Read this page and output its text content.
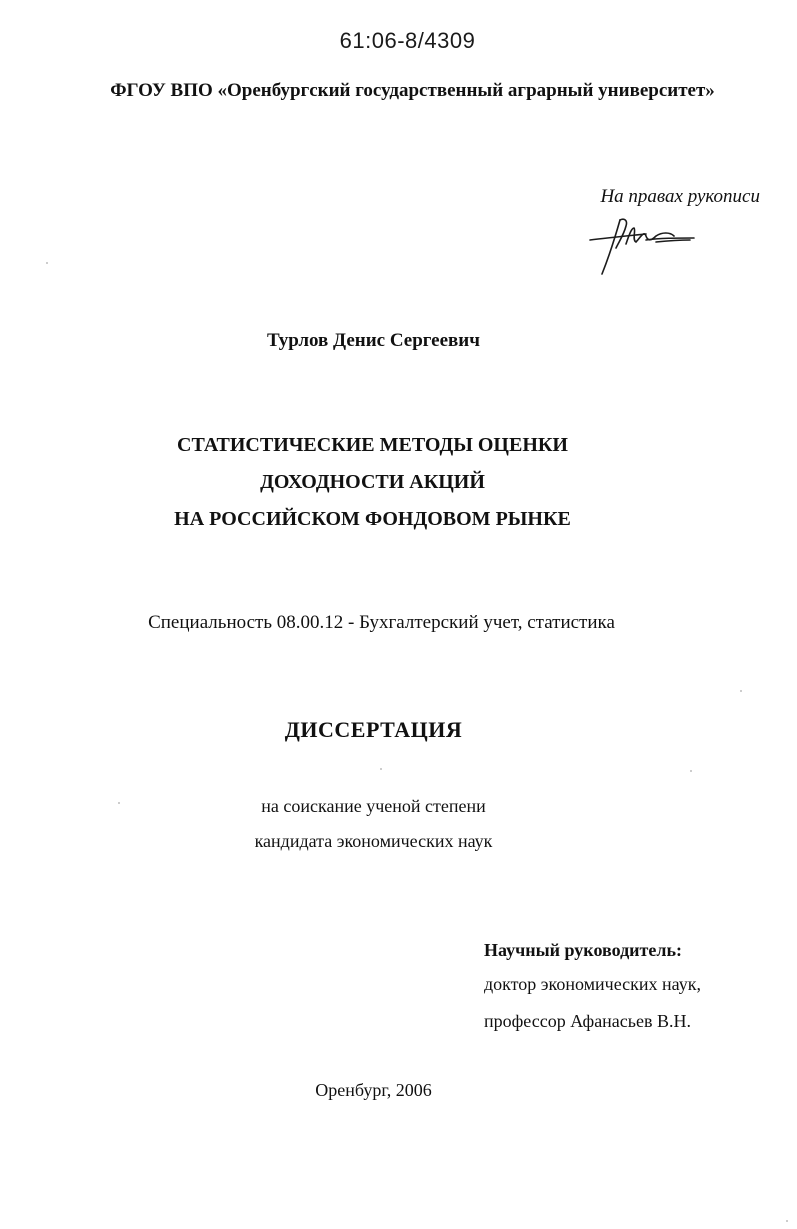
61:06-8/4309
ФГОУ ВПО «Оренбургский государственный аграрный университет»
На правах рукописи
Турлов Денис Сергеевич
СТАТИСТИЧЕСКИЕ МЕТОДЫ ОЦЕНКИ
ДОХОДНОСТИ АКЦИЙ
НА РОССИЙСКОМ ФОНДОВОМ РЫНКЕ
Специальность 08.00.12 - Бухгалтерский учет, статистика
ДИССЕРТАЦИЯ
на соискание ученой степени
кандидата экономических наук
Научный руководитель:
доктор экономических наук,
профессор Афанасьев В.Н.
Оренбург, 2006
